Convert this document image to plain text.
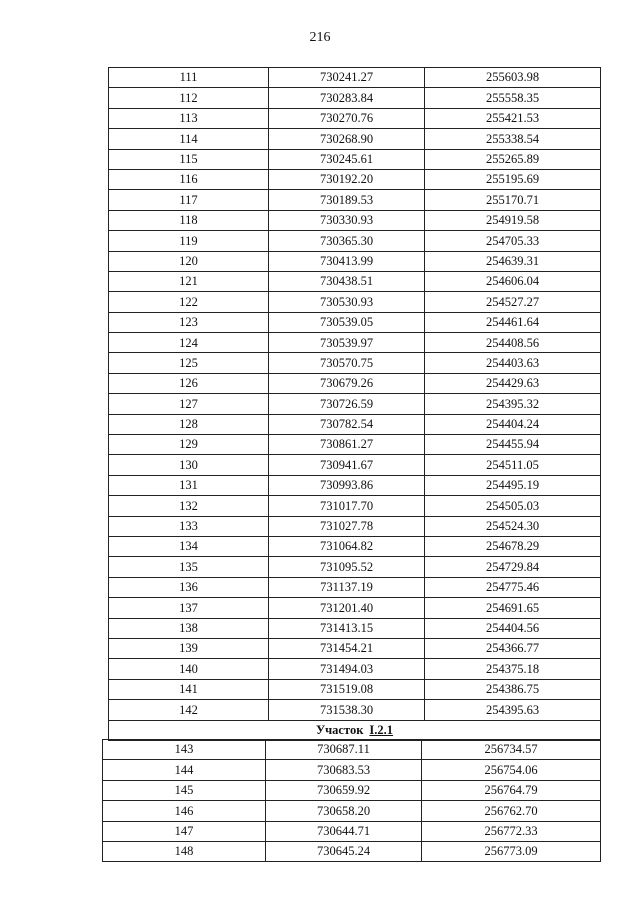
216
111	730241.27	255603.98
112	730283.84	255558.35
113	730270.76	255421.53
114	730268.90	255338.54
115	730245.61	255265.89
116	730192.20	255195.69
117	730189.53	255170.71
118	730330.93	254919.58
119	730365.30	254705.33
120	730413.99	254639.31
121	730438.51	254606.04
122	730530.93	254527.27
123	730539.05	254461.64
124	730539.97	254408.56
125	730570.75	254403.63
126	730679.26	254429.63
127	730726.59	254395.32
128	730782.54	254404.24
129	730861.27	254455.94
130	730941.67	254511.05
131	730993.86	254495.19
132	731017.70	254505.03
133	731027.78	254524.30
134	731064.82	254678.29
135	731095.52	254729.84
136	731137.19	254775.46
137	731201.40	254691.65
138	731413.15	254404.56
139	731454.21	254366.77
140	731494.03	254375.18
141	731519.08	254386.75
142	731538.30	254395.63
Участок I.2.1		
143	730687.11	256734.57
144	730683.53	256754.06
145	730659.92	256764.79
146	730658.20	256762.70
147	730644.71	256772.33
148	730645.24	256773.09
